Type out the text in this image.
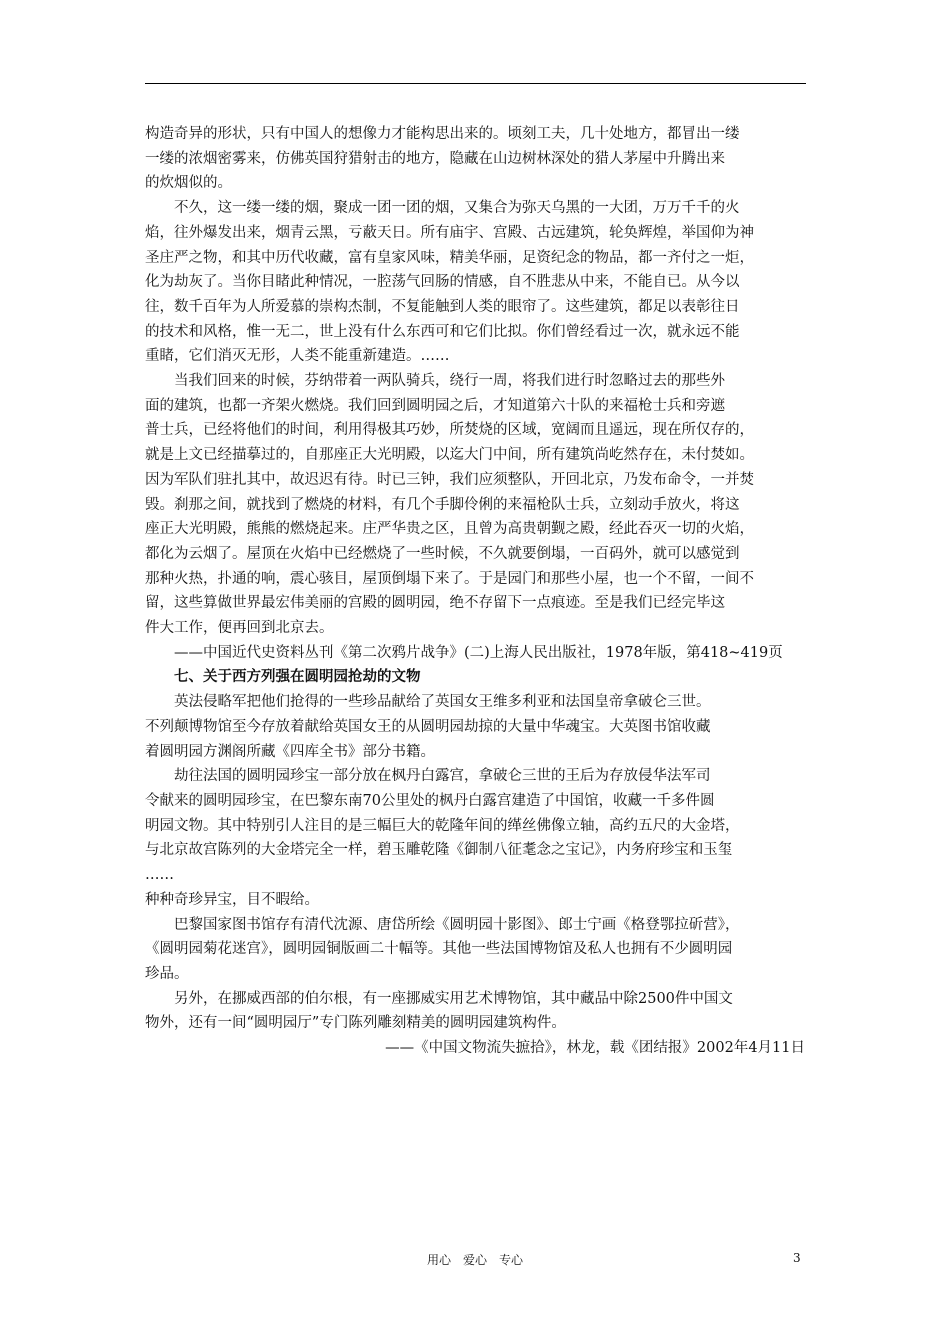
构造奇异的形状，只有中国人的想像力才能构思出来的。顷刻工夫，几十处地方，都冒出一缕

一缕的浓烟密雾来，仿佛英国狩猎射击的地方，隐藏在山边树林深处的猎人茅屋中升腾出来

的炊烟似的。

不久，这一缕一缕的烟，聚成一团一团的烟，又集合为弥天乌黑的一大团，万万千千的火

焰，往外爆发出来，烟青云黑，亏蔽天日。所有庙宇、宫殿、古远建筑，轮奂辉煌，举国仰为神

圣庄严之物，和其中历代收藏，富有皇家风味，精美华丽，足资纪念的物品，都一齐付之一炬，

化为劫灰了。当你目睹此种情况，一腔荡气回肠的情感，自不胜悲从中来，不能自已。从今以

往，数千百年为人所爱慕的崇构杰制，不复能触到人类的眼帘了。这些建筑，都足以表彰往日

的技术和风格，惟一无二，世上没有什么东西可和它们比拟。你们曾经看过一次，就永远不能

重睹，它们消灭无形，人类不能重新建造。……

当我们回来的时候，芬纳带着一两队骑兵，绕行一周，将我们进行时忽略过去的那些外

面的建筑，也都一齐架火燃烧。我们回到圆明园之后，才知道第六十队的来福枪士兵和旁遮

普士兵，已经将他们的时间，利用得极其巧妙，所焚烧的区域，宽阔而且遥远，现在所仅存的，

就是上文已经描摹过的，自那座正大光明殿，以迄大门中间，所有建筑尚屹然存在，未付焚如。

因为军队们驻扎其中，故迟迟有待。时已三钟，我们应须整队，开回北京，乃发布命令，一并焚

毁。刹那之间，就找到了燃烧的材料，有几个手脚伶俐的来福枪队士兵，立刻动手放火，将这

座正大光明殿，熊熊的燃烧起来。庄严华贵之区，且曾为高贵朝觐之殿，经此吞灭一切的火焰，

都化为云烟了。屋顶在火焰中已经燃烧了一些时候，不久就要倒塌，一百码外，就可以感觉到

那种火热，扑通的响，震心骇目，屋顶倒塌下来了。于是园门和那些小屋，也一个不留，一间不

留，这些算做世界最宏伟美丽的宫殿的圆明园，绝不存留下一点痕迹。至是我们已经完毕这

件大工作，便再回到北京去。

——中国近代史资料丛刊《第二次鸦片战争》(二)上海人民出版社，1978年版，第418~419页

七、关于西方列强在圆明园抢劫的文物

英法侵略军把他们抢得的一些珍品献给了英国女王维多利亚和法国皇帝拿破仑三世。

不列颠博物馆至今存放着献给英国女王的从圆明园劫掠的大量中华魂宝。大英图书馆收藏

着圆明园方渊阁所藏《四库全书》部分书籍。

劫往法国的圆明园珍宝一部分放在枫丹白露宫，拿破仑三世的王后为存放侵华法军司

令献来的圆明园珍宝，在巴黎东南70公里处的枫丹白露宫建造了中国馆，收藏一千多件圆

明园文物。其中特别引人注目的是三幅巨大的乾隆年间的缂丝佛像立轴，高约五尺的大金塔，

与北京故宫陈列的大金塔完全一样，碧玉雕乾隆《御制八征耄念之宝记》，内务府珍宝和玉玺

……

种种奇珍异宝，目不暇给。

巴黎国家图书馆存有清代沈源、唐岱所绘《圆明园十影图》、郎士宁画《格登鄂拉斫营》，

《圆明园菊花迷宫》，圆明园铜版画二十幅等。其他一些法国博物馆及私人也拥有不少圆明园

珍品。

另外，在挪威西部的伯尔根，有一座挪威实用艺术博物馆，其中藏品中除2500件中国文

物外，还有一间“圆明园厅”专门陈列雕刻精美的圆明园建筑构件。

——《中国文物流失摭拾》，林龙，载《团结报》2002年4月11日

用心　爱心　专心	3
